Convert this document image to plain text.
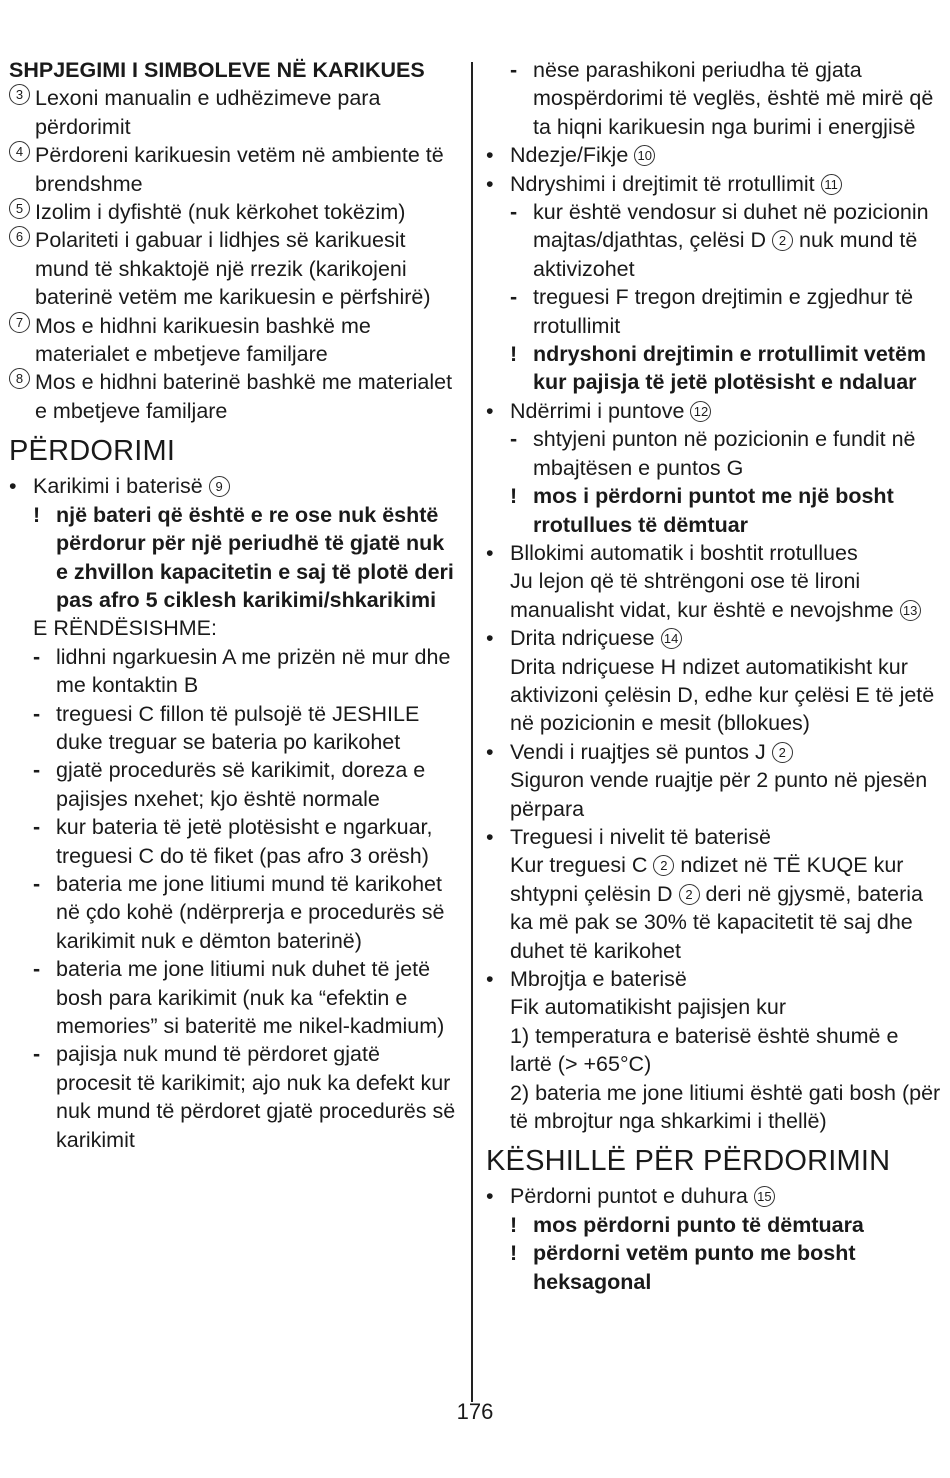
SHPJEGIMI I SIMBOLEVE NË KARIKUES
3 Lexoni manualin e udhëzimeve para përdorimit
4 Përdoreni karikuesin vetëm në ambiente të brendshme
5 Izolim i dyfishtë (nuk kërkohet tokëzim)
6 Polariteti i gabuar i lidhjes së karikuesit mund të shkaktojë një rrezik (karikojeni baterinë vetëm me karikuesin e përfshirë)
7 Mos e hidhni karikuesin bashkë me materialet e mbetjeve familjare
8 Mos e hidhni baterinë bashkë me materialet e mbetjeve familjare
PËRDORIMI
• Karikimi i baterisë 9
! një bateri që është e re ose nuk është përdorur për një periudhë të gjatë nuk e zhvillon kapacitetin e saj të plotë deri pas afro 5 ciklesh karikimi/shkarikimi
E RËNDËSISHME:
- lidhni ngarkuesin A me prizën në mur dhe me kontaktin B
- treguesi C fillon të pulsojë të JESHILE duke treguar se bateria po karikohet
- gjatë procedurës së karikimit, doreza e pajisjes nxehet; kjo është normale
- kur bateria të jetë plotësisht e ngarkuar, treguesi C do të fiket (pas afro 3 orësh)
- bateria me jone litiumi mund të karikohet në çdo kohë (ndërprerja e procedurës së karikimit nuk e dëmton baterinë)
- bateria me jone litiumi nuk duhet të jetë bosh para karikimit (nuk ka “efektin e memories” si bateritë me nikel-kadmium)
- pajisja nuk mund të përdoret gjatë procesit të karikimit; ajo nuk ka defekt kur nuk mund të përdoret gjatë procedurës së karikimit
- nëse parashikoni periudha të gjata mospërdorimi të veglës, është më mirë që ta hiqni karikuesin nga burimi i energjisë
• Ndezje/Fikje 10
• Ndryshimi i drejtimit të rrotullimit 11
- kur është vendosur si duhet në pozicionin majtas/djathtas, çelësi D 2 nuk mund të aktivizohet
- treguesi F tregon drejtimin e zgjedhur të rrotullimit
! ndryshoni drejtimin e rrotullimit vetëm kur pajisja të jetë plotësisht e ndaluar
• Ndërrimi i puntove 12
- shtyjeni punton në pozicionin e fundit në mbajtësen e puntos G
! mos i përdorni puntot me një bosht rrotullues të dëmtuar
• Bllokimi automatik i boshtit rrotullues
Ju lejon që të shtrëngoni ose të lironi manualisht vidat, kur është e nevojshme 13
• Drita ndriçuese 14
Drita ndriçuese H ndizet automatikisht kur aktivizoni çelësin D, edhe kur çelësi E të jetë në pozicionin e mesit (bllokues)
• Vendi i ruajtjes së puntos J 2
Siguron vende ruajtje për 2 punto në pjesën përpara
• Treguesi i nivelit të baterisë
Kur treguesi C 2 ndizet në TË KUQE kur shtypni çelësin D 2 deri në gjysmë, bateria ka më pak se 30% të kapacitetit të saj dhe duhet të karikohet
• Mbrojtja e baterisë
Fik automatikisht pajisjen kur
1) temperatura e baterisë është shumë e lartë (> +65°C)
2) bateria me jone litiumi është gati bosh (për të mbrojtur nga shkarkimi i thellë)
KËSHILLË PËR PËRDORIMIN
• Përdorni puntot e duhura 15
! mos përdorni punto të dëmtuara
! përdorni vetëm punto me bosht heksagonal
176
